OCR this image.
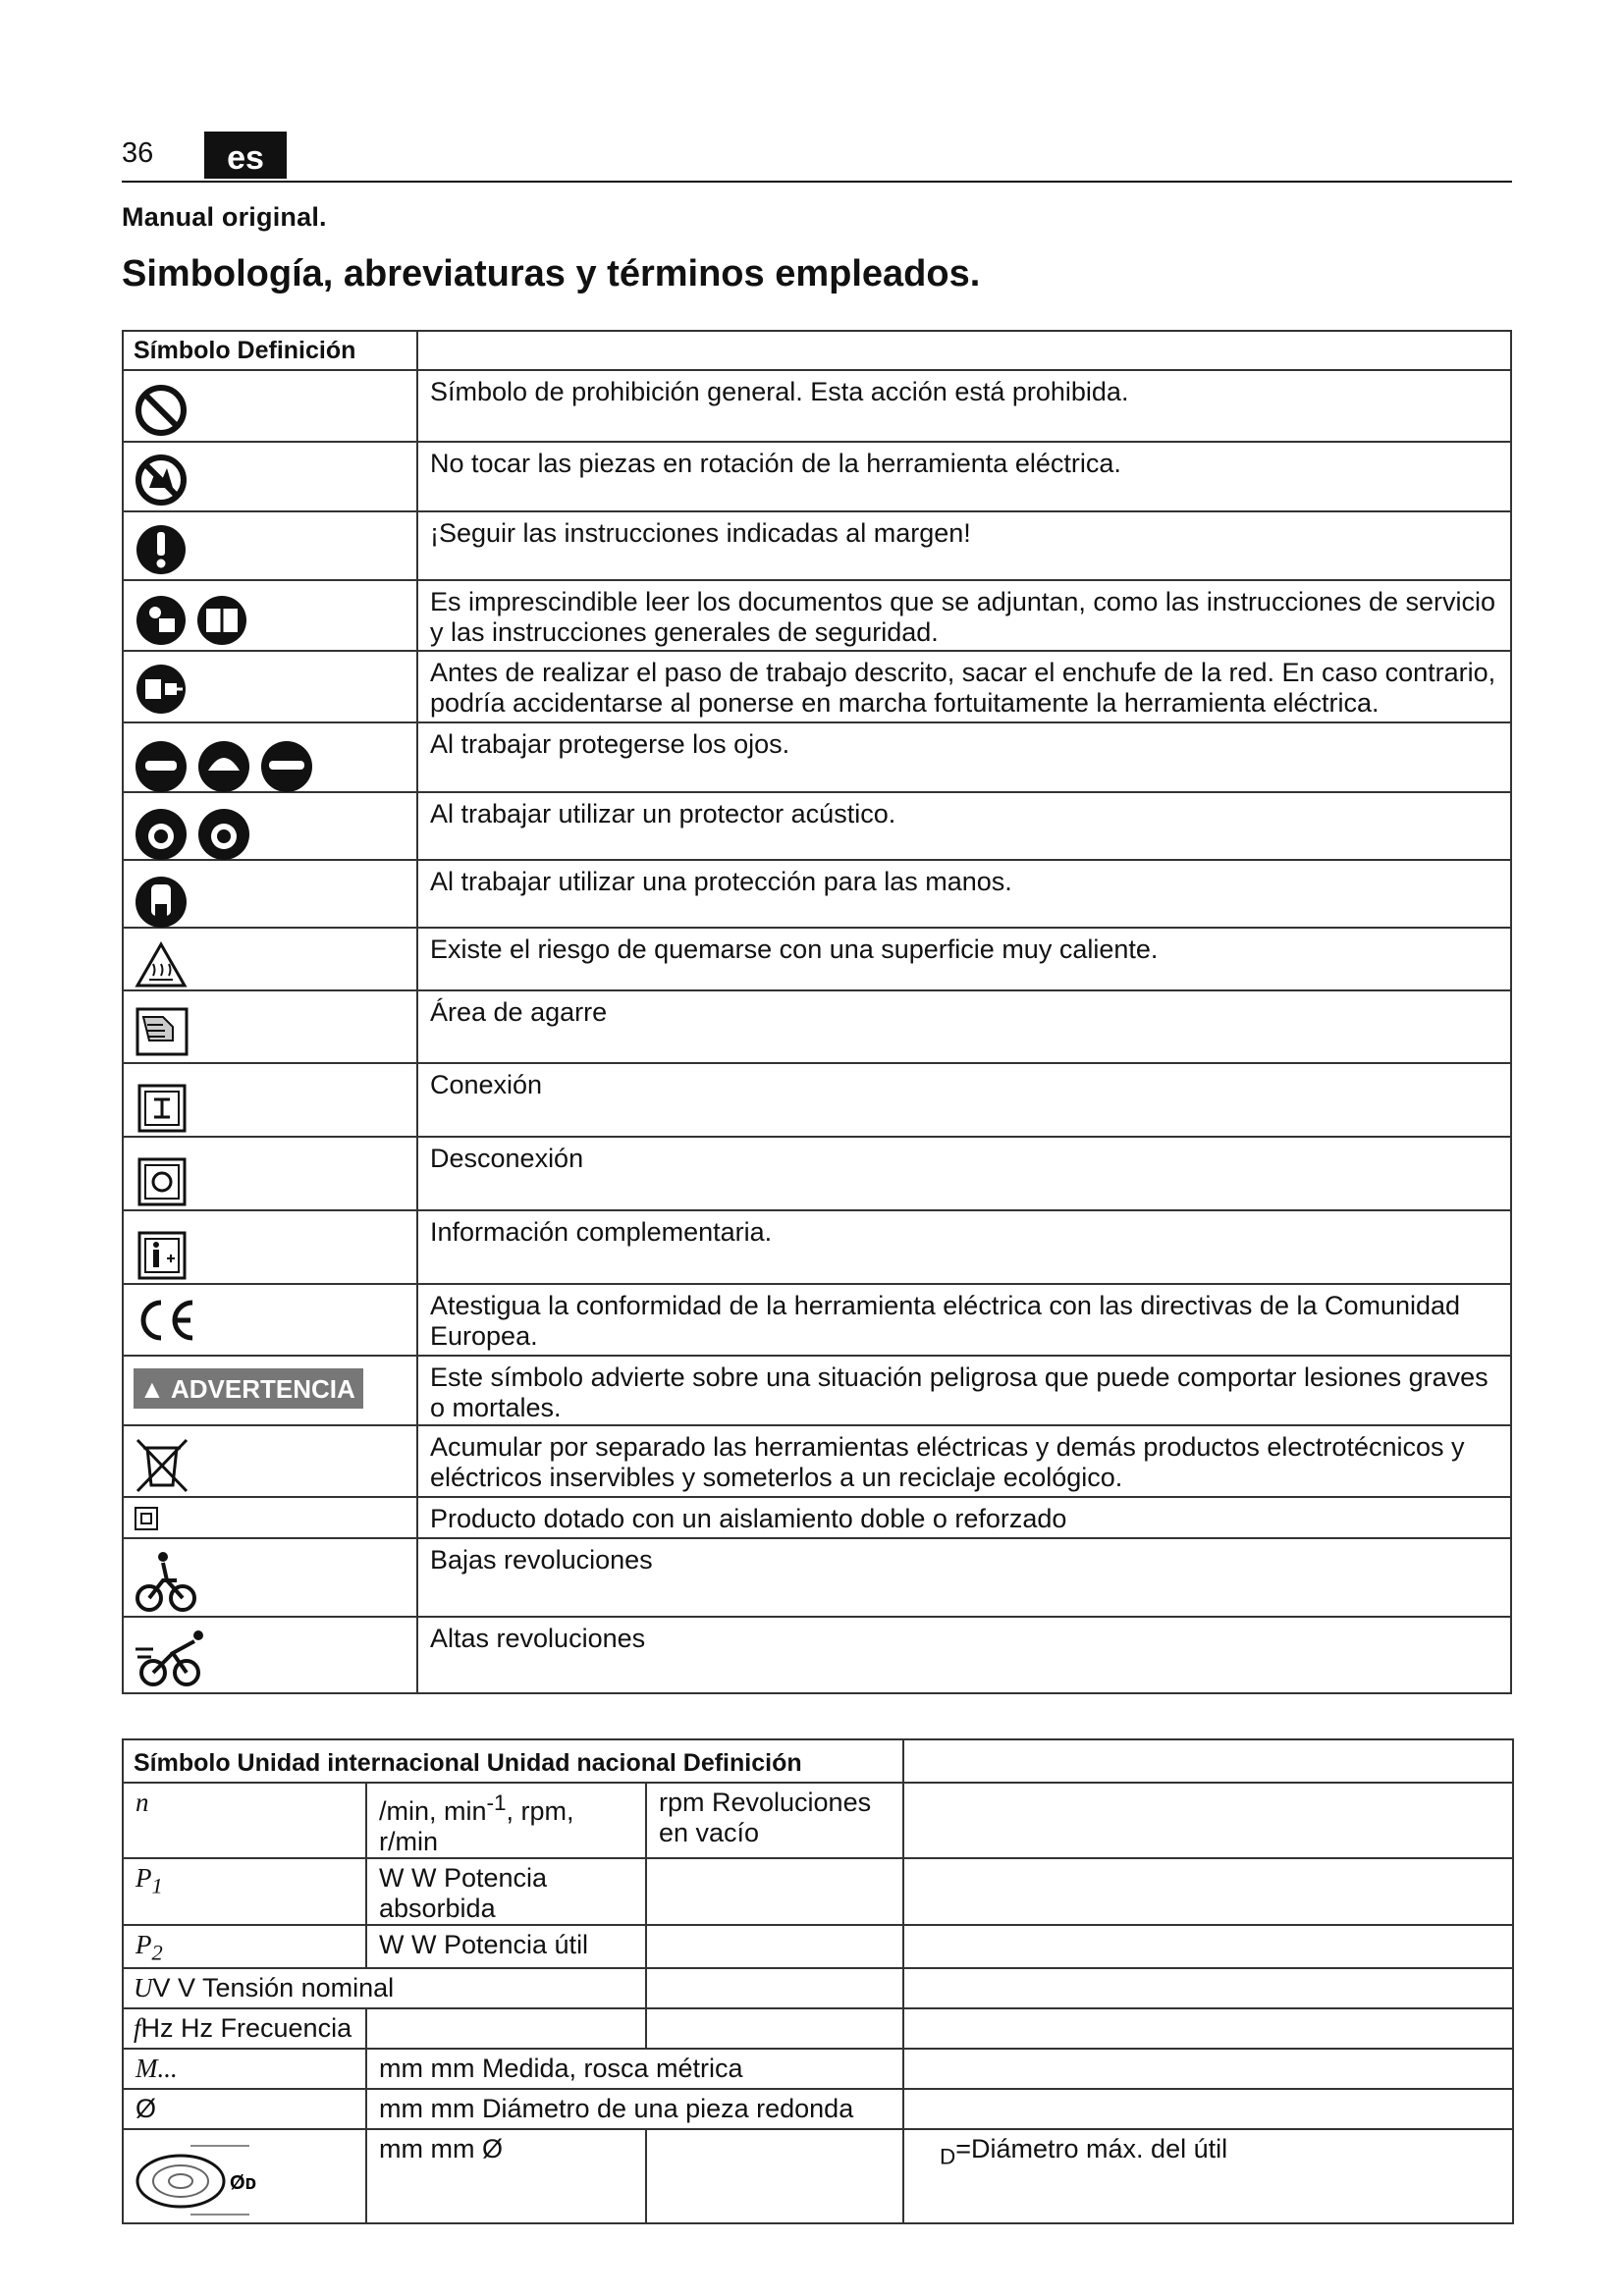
36	es
Manual original.
Simbología, abreviaturas y términos empleados.
Símbolo Definición	

	Símbolo de prohibición general. Esta acción está prohibida.

	No tocar las piezas en rotación de la herramienta eléctrica.

	¡Seguir las instrucciones indicadas al margen!

	Es imprescindible leer los documentos que se adjuntan, como las instrucciones de servicio y las instrucciones generales de seguridad.

	Antes de realizar el paso de trabajo descrito, sacar el enchufe de la red. En caso contrario, podría accidentarse al ponerse en marcha fortuitamente la herramienta eléctrica.

	Al trabajar protegerse los ojos.

	Al trabajar utilizar un protector acústico.

	Al trabajar utilizar una protección para las manos.

	Existe el riesgo de quemarse con una superficie muy caliente.

	Área de agarre

	Conexión

	Desconexión

	Información complementaria.

	Atestigua la conformidad de la herramienta eléctrica con las directivas de la Comunidad Europea.
▲ ADVERTENCIA	Este símbolo advierte sobre una situación peligrosa que puede comportar lesiones graves o mortales.

	Acumular por separado las herramientas eléctricas y demás productos electrotécnicos y eléctricos inservibles y someterlos a un reciclaje ecológico.

	Producto dotado con un aislamiento doble o reforzado

	Bajas revoluciones

	Altas revoluciones
Símbolo Unidad internacional Unidad nacional Definición			
n	/min, $\min^{-1}$, rpm, r/min	rpm Revoluciones en vacío	
$P_1$	W W Potencia absorbida		
$P_2$	W W Potencia útil		
UV V Tensión nominal			
fHz Hz Frecuencia			
M...	mm mm Medida, rosca métrica		
Ø	mm mm Diámetro de una pieza redonda		

Øᴅ	mm mm Ø		$_D$=Diámetro máx. del útil
